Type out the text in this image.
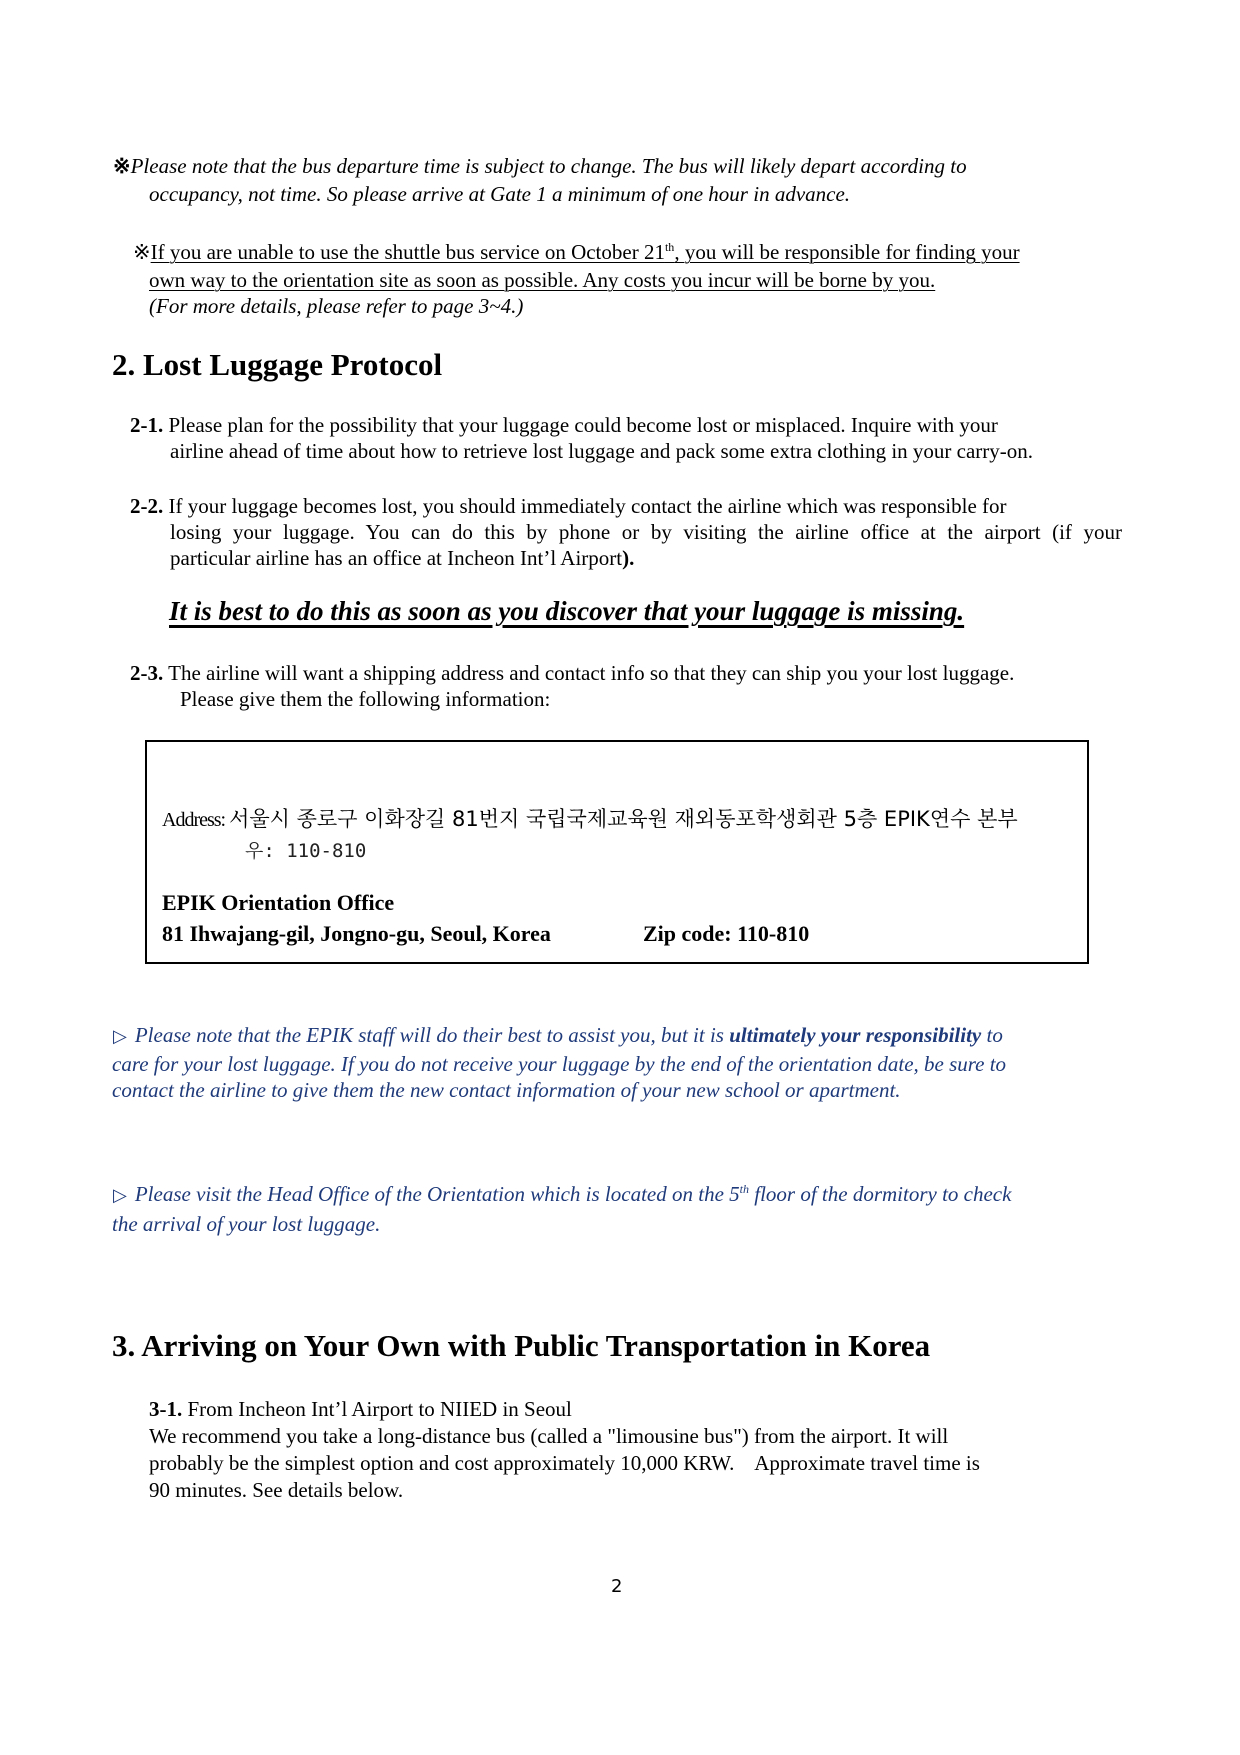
※Please note that the bus departure time is subject to change. The bus will likely depart according to
occupancy, not time. So please arrive at Gate 1 a minimum of one hour in advance.
※If you are unable to use the shuttle bus service on October 21th, you will be responsible for finding your
own way to the orientation site as soon as possible. Any costs you incur will be borne by you.
(For more details, please refer to page 3~4.)
2. Lost Luggage Protocol
2-1. Please plan for the possibility that your luggage could become lost or misplaced. Inquire with your
airline ahead of time about how to retrieve lost luggage and pack some extra clothing in your carry-on.
2-2. If your luggage becomes lost, you should immediately contact the airline which was responsible for
losing your luggage. You can do this by phone or by visiting the airline office at the airport (if your
particular airline has an office at Incheon Int’l Airport).
It is best to do this as soon as you discover that your luggage is missing.
2-3. The airline will want a shipping address and contact info so that they can ship you your lost luggage.
Please give them the following information:
Address: 서울시 종로구 이화장길 81번지 국립국제교육원 재외동포학생회관 5층 EPIK연수 본부
우: 110-810
EPIK Orientation Office
81 Ihwajang-gil, Jongno-gu, Seoul, Korea	Zip code: 110-810
▷ Please note that the EPIK staff will do their best to assist you, but it is ultimately your responsibility to
care for your lost luggage. If you do not receive your luggage by the end of the orientation date, be sure to
contact the airline to give them the new contact information of your new school or apartment.
▷ Please visit the Head Office of the Orientation which is located on the 5th floor of the dormitory to check
the arrival of your lost luggage.
3. Arriving on Your Own with Public Transportation in Korea
3-1. From Incheon Int’l Airport to NIIED in Seoul
We recommend you take a long-distance bus (called a "limousine bus") from the airport. It will
probably be the simplest option and cost approximately 10,000 KRW.    Approximate travel time is
90 minutes. See details below.
2
